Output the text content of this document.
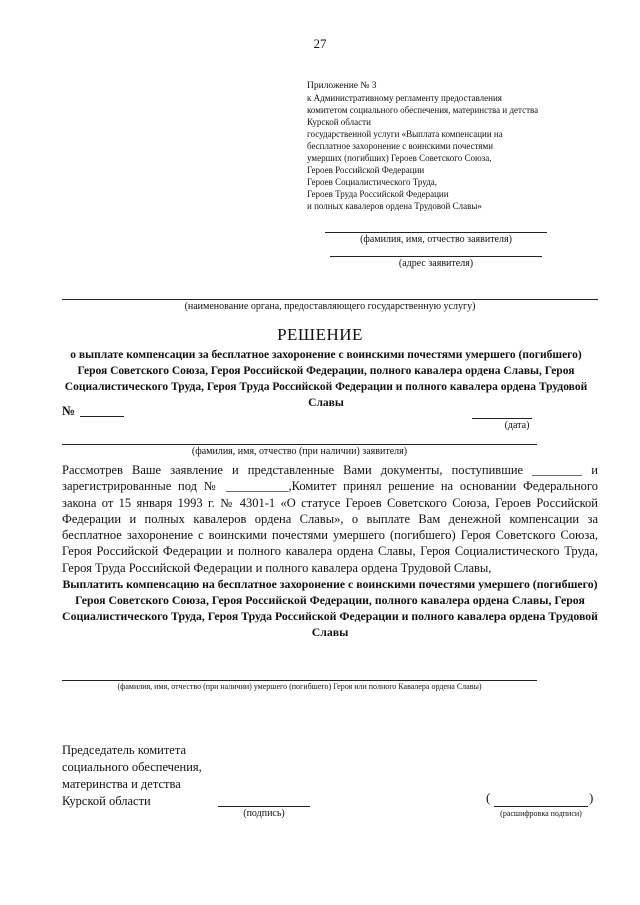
27
Приложение № 3
к Административному регламенту предоставления
комитетом социального обеспечения, материнства и детства
Курской области
государственной услуги «Выплата компенсации на
бесплатное захоронение с воинскими почестями
умерших (погибших) Героев Советского Союза,
Героев Российской Федерации
Героев Социалистического Труда,
Героев Труда Российской Федерации
и полных кавалеров ордена Трудовой Славы»
(фамилия, имя, отчество заявителя)
(адрес заявителя)
(наименование органа, предоставляющего государственную услугу)
РЕШЕНИЕ
о выплате компенсации за бесплатное захоронение с воинскими почестями умершего (погибшего) Героя Советского Союза, Героя Российской Федерации, полного кавалера ордена Славы, Героя Социалистического Труда, Героя Труда Российской Федерации и полного кавалера ордена Трудовой Славы
№
(дата)
(фамилия, имя, отчество (при наличии) заявителя)

Рассмотрев Ваше заявление и представленные Вами документы, поступившие ________ и зарегистрированные под № __________,Комитет принял решение на основании Федерального закона от 15 января 1993 г. № 4301-1 «О статусе Героев Советского Союза, Героев Российской Федерации и полных кавалеров ордена Славы», о выплате Вам денежной компенсации за бесплатное захоронение с воинскими почестями умершего (погибшего) Героя Советского Союза, Героя Российской Федерации и полного кавалера ордена Славы, Героя Социалистического Труда, Героя Труда Российской Федерации и полного кавалера ордена Трудовой Славы,

Выплатить компенсацию на бесплатное захоронение с воинскими почестями умершего (погибшего) Героя Советского Союза, Героя Российской Федерации, полного кавалера ордена Славы, Героя Социалистического Труда, Героя Труда Российской Федерации и полного кавалера ордена Трудовой Славы

(фамилия, имя, отчество (при наличии) умершего (погибшего) Героя или полного Кавалера ордена Славы)
Председатель комитета
социального обеспечения,
материнства и детства
Курской области
(подпись)
(	)
(расшифровка подписи)
